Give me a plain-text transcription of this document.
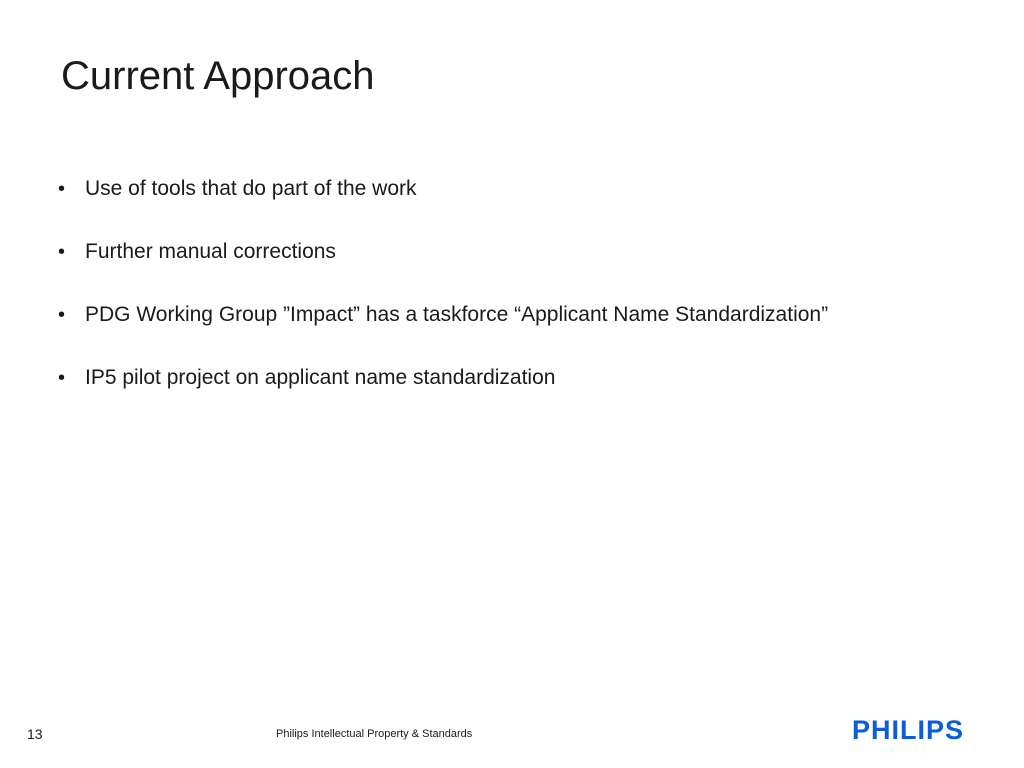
Current Approach
• Use of tools that do part of the work
• Further manual corrections
• PDG Working Group ”Impact” has a taskforce “Applicant Name Standardization”
• IP5 pilot project on applicant name standardization
13	Philips Intellectual Property & Standards	PHILIPS
